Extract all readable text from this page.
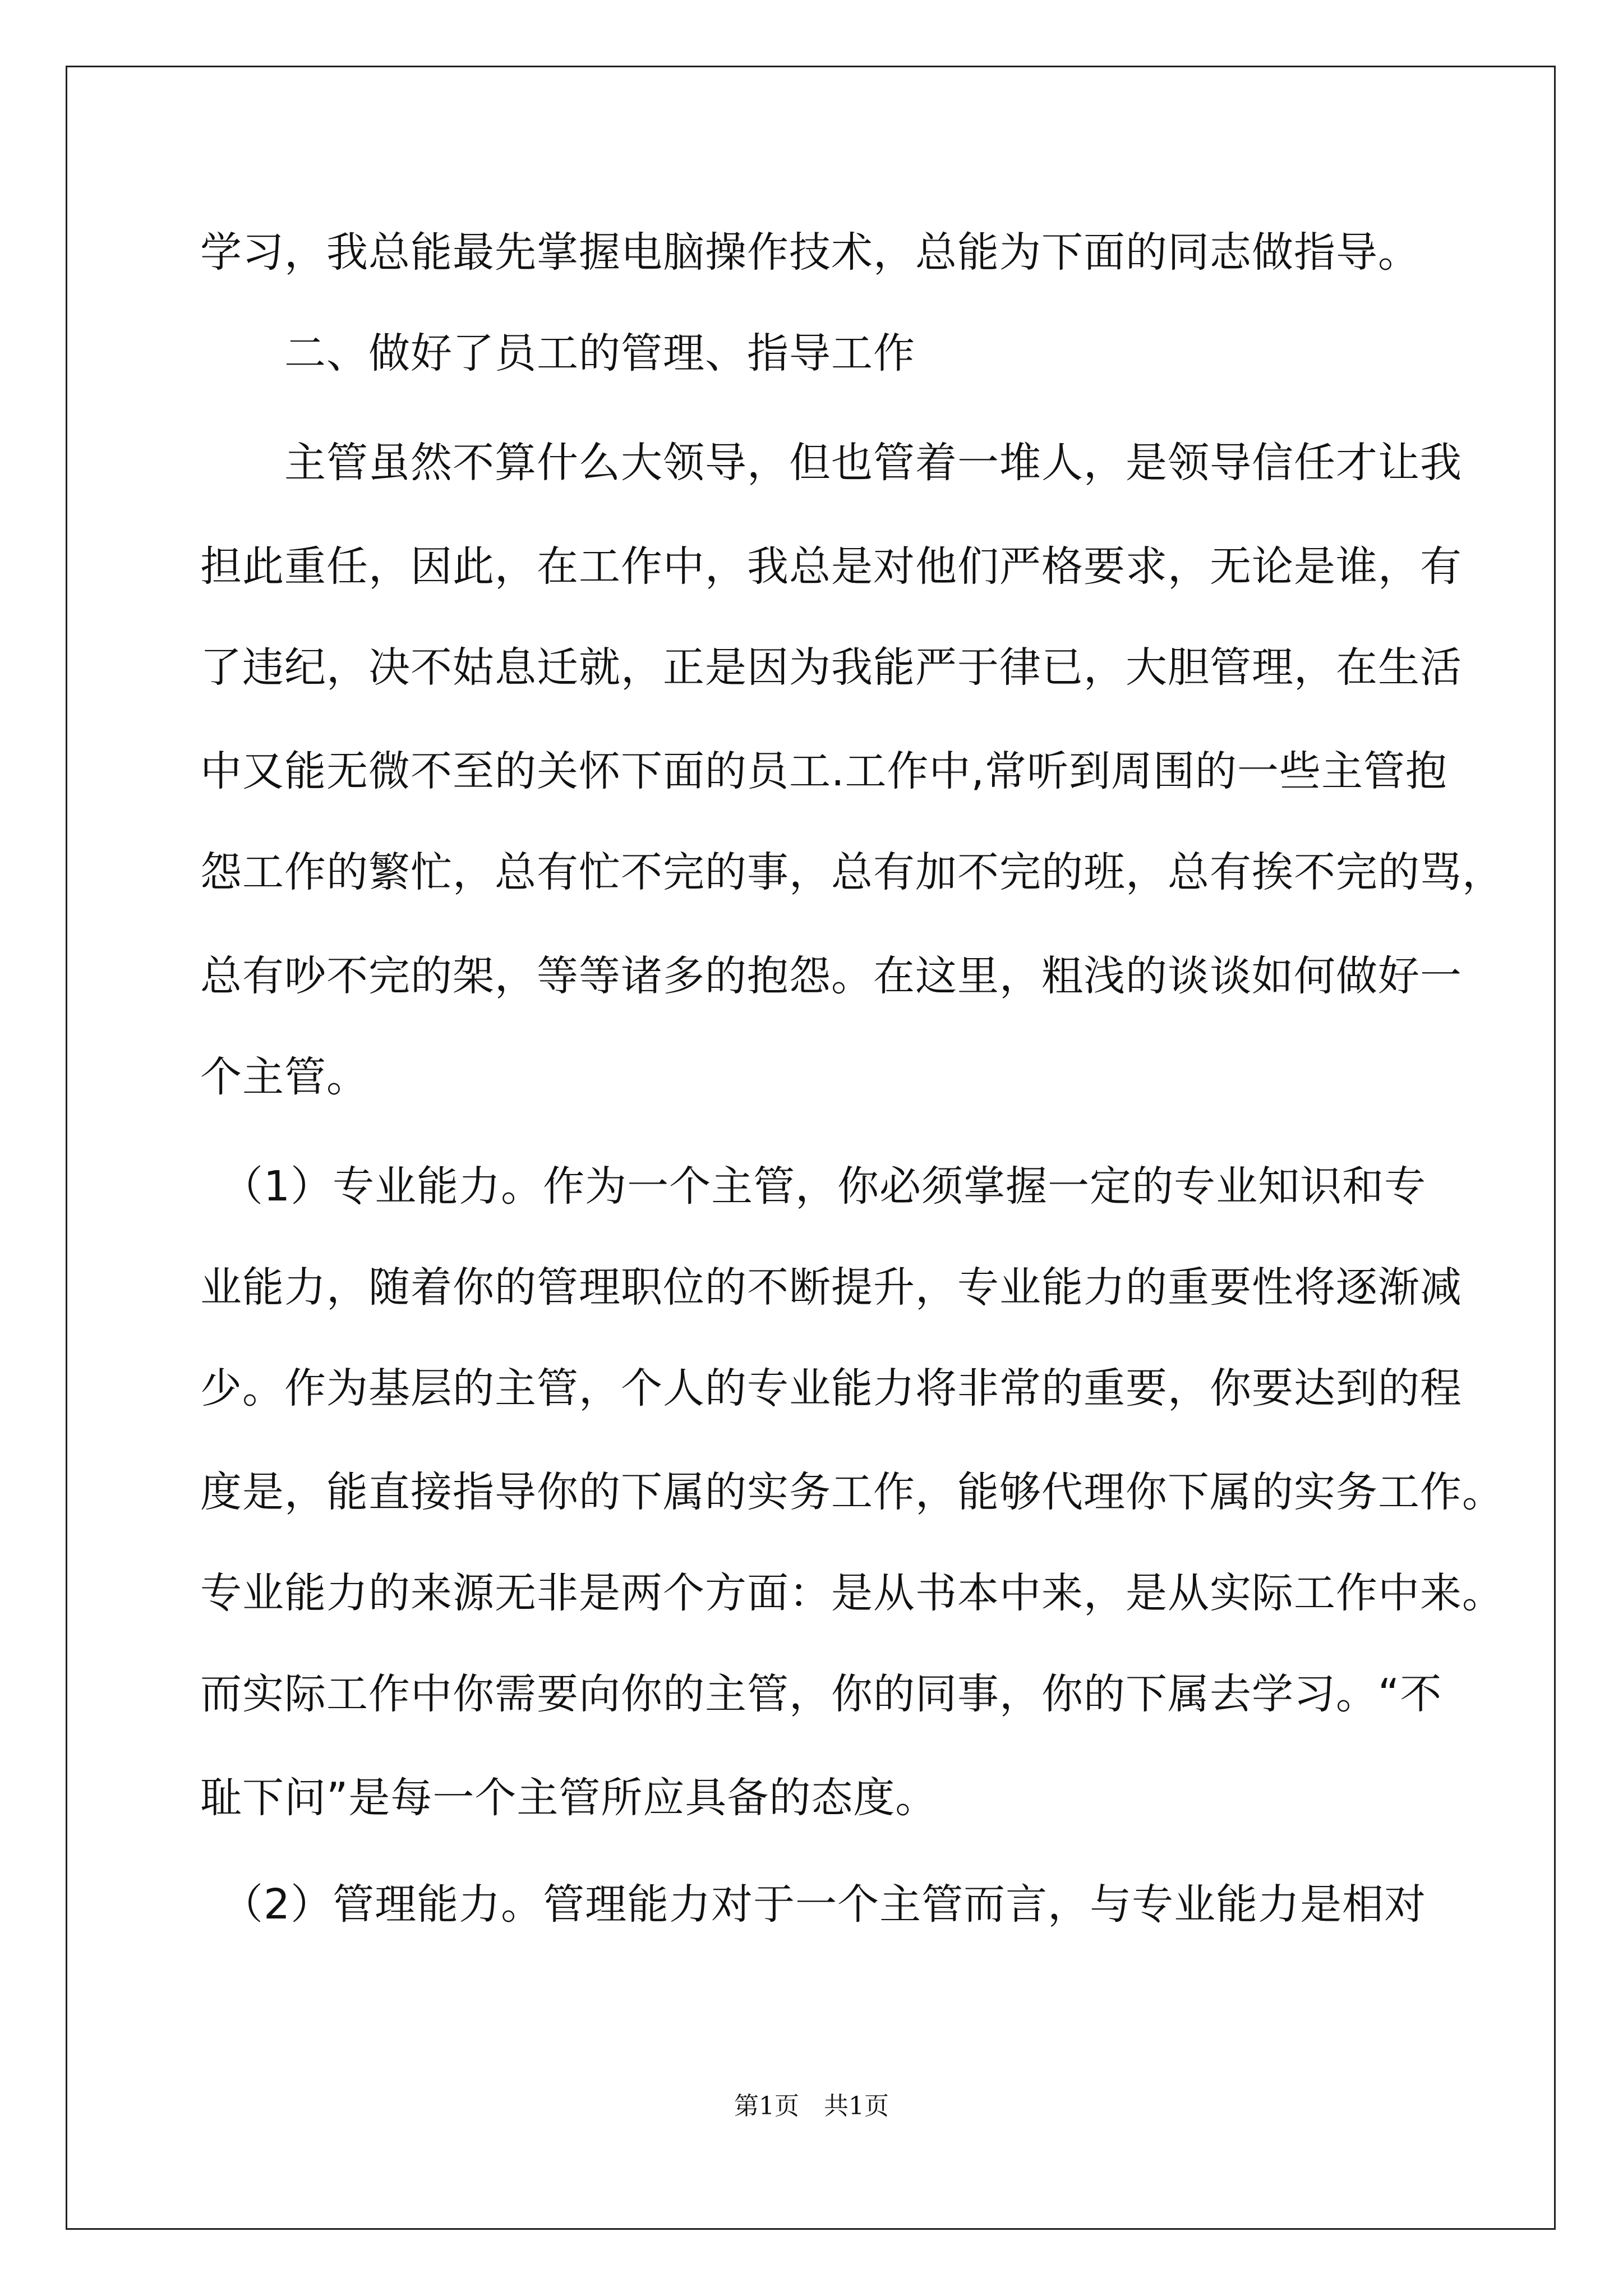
学习，我总能最先掌握电脑操作技术，总能为下面的同志做指导。
　　二、做好了员工的管理、指导工作
　　主管虽然不算什么大领导，但也管着一堆人，是领导信任才让我
担此重任，因此，在工作中，我总是对他们严格要求，无论是谁，有
了违纪，决不姑息迁就，正是因为我能严于律已，大胆管理，在生活
中又能无微不至的关怀下面的员工.工作中,常听到周围的一些主管抱
怨工作的繁忙，总有忙不完的事，总有加不完的班，总有挨不完的骂，
总有吵不完的架，等等诸多的抱怨。在这里，粗浅的谈谈如何做好一
个主管。
　（1）专业能力。作为一个主管，你必须掌握一定的专业知识和专
业能力，随着你的管理职位的不断提升，专业能力的重要性将逐渐减
少。作为基层的主管，个人的专业能力将非常的重要，你要达到的程
度是，能直接指导你的下属的实务工作，能够代理你下属的实务工作。
专业能力的来源无非是两个方面：是从书本中来，是从实际工作中来。
而实际工作中你需要向你的主管，你的同事，你的下属去学习。“不
耻下问”是每一个主管所应具备的态度。
　（2）管理能力。管理能力对于一个主管而言，与专业能力是相对
第1页　共1页
